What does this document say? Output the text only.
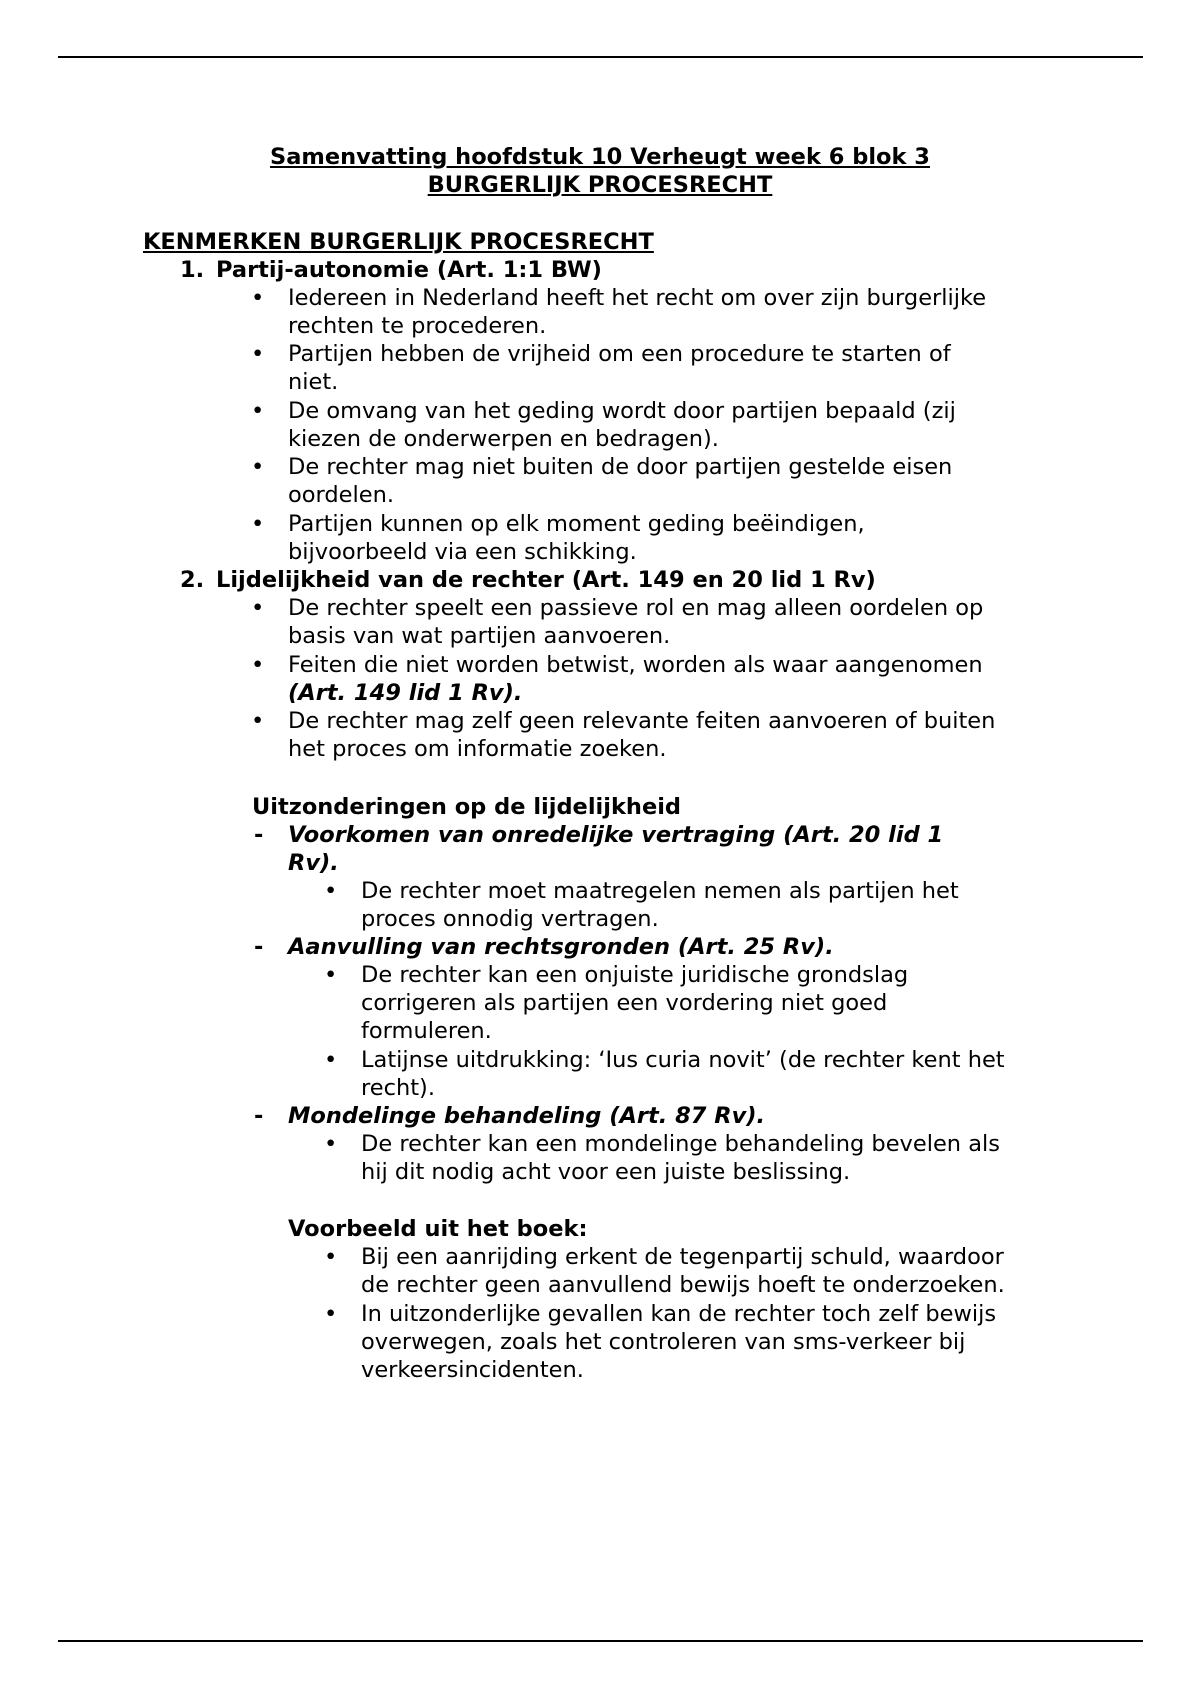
Samenvatting hoofdstuk 10 Verheugt week 6 blok 3
BURGERLIJK PROCESRECHT
KENMERKEN BURGERLIJK PROCESRECHT
1. Partij-autonomie (Art. 1:1 BW)
• Iedereen in Nederland heeft het recht om over zijn burgerlijke
rechten te procederen.
• Partijen hebben de vrijheid om een procedure te starten of
niet.
• De omvang van het geding wordt door partijen bepaald (zij
kiezen de onderwerpen en bedragen).
• De rechter mag niet buiten de door partijen gestelde eisen
oordelen.
• Partijen kunnen op elk moment geding beëindigen,
bijvoorbeeld via een schikking.
2. Lijdelijkheid van de rechter (Art. 149 en 20 lid 1 Rv)
• De rechter speelt een passieve rol en mag alleen oordelen op
basis van wat partijen aanvoeren.
• Feiten die niet worden betwist, worden als waar aangenomen
(Art. 149 lid 1 Rv).
• De rechter mag zelf geen relevante feiten aanvoeren of buiten
het proces om informatie zoeken.
Uitzonderingen op de lijdelijkheid
- Voorkomen van onredelijke vertraging (Art. 20 lid 1
Rv).
• De rechter moet maatregelen nemen als partijen het
proces onnodig vertragen.
- Aanvulling van rechtsgronden (Art. 25 Rv).
• De rechter kan een onjuiste juridische grondslag
corrigeren als partijen een vordering niet goed
formuleren.
• Latijnse uitdrukking: ‘Ius curia novit’ (de rechter kent het
recht).
- Mondelinge behandeling (Art. 87 Rv).
• De rechter kan een mondelinge behandeling bevelen als
hij dit nodig acht voor een juiste beslissing.
Voorbeeld uit het boek:
• Bij een aanrijding erkent de tegenpartij schuld, waardoor
de rechter geen aanvullend bewijs hoeft te onderzoeken.
• In uitzonderlijke gevallen kan de rechter toch zelf bewijs
overwegen, zoals het controleren van sms-verkeer bij
verkeersincidenten.
